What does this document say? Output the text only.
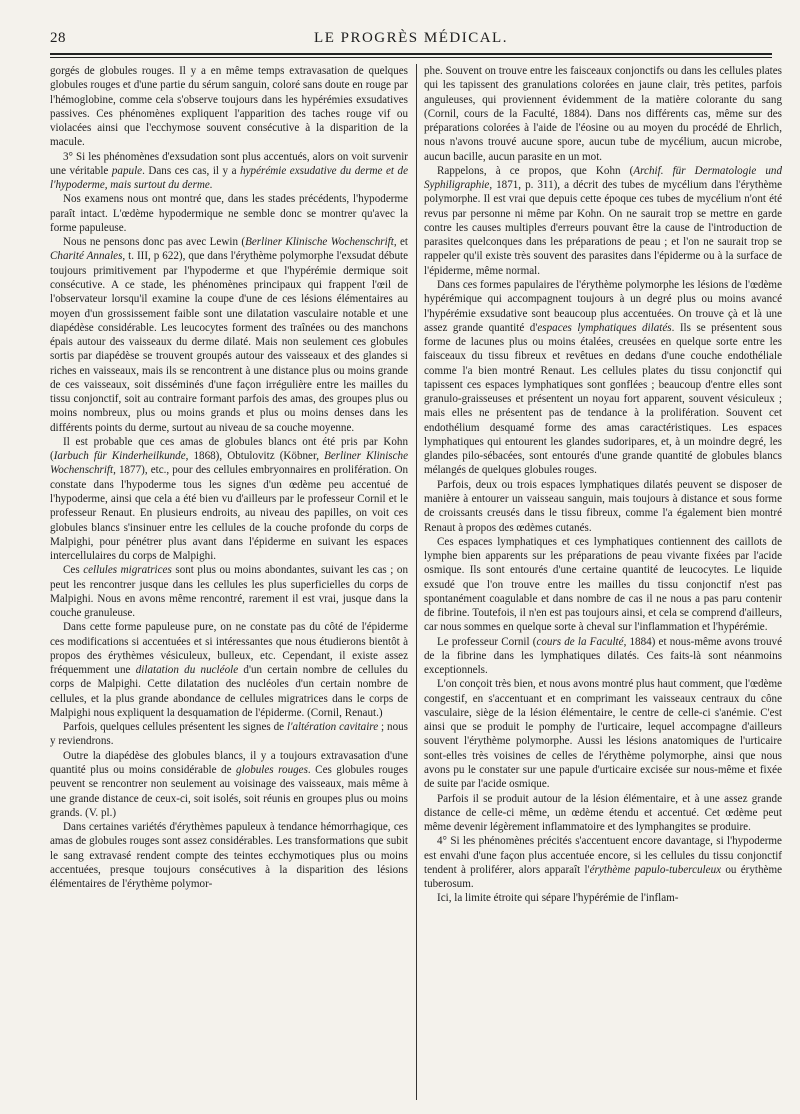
28	LE PROGRÈS MÉDICAL.

gorgés de globules rouges. Il y a en même temps extravasation de quelques globules rouges et d'une partie du sérum sanguin, coloré sans doute en rouge par l'hémoglobine, comme cela s'observe toujours dans les hypérémies exsudatives passives. Ces phénomènes expliquent l'apparition des taches rouge vif ou violacées ainsi que l'ecchymose souvent consécutive à la disparition de la macule.

3° Si les phénomènes d'exsudation sont plus accentués, alors on voit survenir une véritable papule. Dans ces cas, il y a hypérémie exsudative du derme et de l'hypoderme, mais surtout du derme.

Nos examens nous ont montré que, dans les stades précédents, l'hypoderme paraît intact. L'œdème hypodermique ne semble donc se montrer qu'avec la forme papuleuse.

Nous ne pensons donc pas avec Lewin (Berliner Klinische Wochenschrift, et Charité Annales, t. III, p 622), que dans l'érythème polymorphe l'exsudat débute toujours primitivement par l'hypoderme et que l'hypérémie dermique soit consécutive. A ce stade, les phénomènes principaux qui frappent l'œil de l'observateur lorsqu'il examine la coupe d'une de ces lésions élémentaires au moyen d'un grossissement faible sont une dilatation vasculaire notable et une diapédèse considérable. Les leucocytes forment des traînées ou des manchons épais autour des vaisseaux du derme dilaté. Mais non seulement ces globules sortis par diapédèse se trouvent groupés autour des vaisseaux et des glandes si riches en vaisseaux, mais ils se rencontrent à une distance plus ou moins grande de ces vaisseaux, soit disséminés d'une façon irrégulière entre les mailles du tissu conjonctif, soit au contraire formant parfois des amas, des groupes plus ou moins nombreux, plus ou moins grands et plus ou moins denses dans les différents points du derme, surtout au niveau de sa couche moyenne.

Il est probable que ces amas de globules blancs ont été pris par Kohn (Iarbuch für Kinderheilkunde, 1868), Obtulovitz (Köbner, Berliner Klinische Wochenschrift, 1877), etc., pour des cellules embryonnaires en prolifération. On constate dans l'hypoderme tous les signes d'un œdème peu accentué de l'hypoderme, ainsi que cela a été bien vu d'ailleurs par le professeur Cornil et le professeur Renaut. En plusieurs endroits, au niveau des papilles, on voit ces globules blancs s'insinuer entre les cellules de la couche profonde du corps de Malpighi, pour pénétrer plus avant dans l'épiderme en suivant les espaces intercellulaires du corps de Malpighi.

Ces cellules migratrices sont plus ou moins abondantes, suivant les cas ; on peut les rencontrer jusque dans les cellules les plus superficielles du corps de Malpighi. Nous en avons même rencontré, rarement il est vrai, jusque dans la couche granuleuse.

Dans cette forme papuleuse pure, on ne constate pas du côté de l'épiderme ces modifications si accentuées et si intéressantes que nous étudierons bientôt à propos des érythèmes vésiculeux, bulleux, etc. Cependant, il existe assez fréquemment une dilatation du nucléole d'un certain nombre de cellules du corps de Malpighi. Cette dilatation des nucléoles d'un certain nombre de cellules, et la plus grande abondance de cellules migratrices dans le corps de Malpighi nous expliquent la desquamation de l'épiderme. (Cornil, Renaut.)

Parfois, quelques cellules présentent les signes de l'altération cavitaire ; nous y reviendrons.

Outre la diapédèse des globules blancs, il y a toujours extravasation d'une quantité plus ou moins considérable de globules rouges. Ces globules rouges peuvent se rencontrer non seulement au voisinage des vaisseaux, mais même à une grande distance de ceux-ci, soit isolés, soit réunis en groupes plus ou moins grands. (V. pl.)

Dans certaines variétés d'érythèmes papuleux à tendance hémorrhagique, ces amas de globules rouges sont assez considérables. Les transformations que subit le sang extravasé rendent compte des teintes ecchymotiques plus ou moins accentuées, presque toujours consécutives à la disparition des lésions élémentaires de l'érythème polymor-

phe. Souvent on trouve entre les faisceaux conjonctifs ou dans les cellules plates qui les tapissent des granulations colorées en jaune clair, très petites, parfois anguleuses, qui proviennent évidemment de la matière colorante du sang (Cornil, cours de la Faculté, 1884). Dans nos différents cas, même sur des préparations colorées à l'aide de l'éosine ou au moyen du procédé de Ehrlich, nous n'avons trouvé aucune spore, aucun tube de mycélium, aucun microbe, aucun bacille, aucun parasite en un mot.

Rappelons, à ce propos, que Kohn (Archif. für Dermatologie und Syphiligraphie, 1871, p. 311), a décrit des tubes de mycélium dans l'érythème polymorphe. Il est vrai que depuis cette époque ces tubes de mycélium n'ont été revus par personne ni même par Kohn. On ne saurait trop se mettre en garde contre les causes multiples d'erreurs pouvant être la cause de l'introduction de parasites quelconques dans les préparations de peau ; et l'on ne saurait trop se rappeler qu'il existe très souvent des parasites dans l'épiderme ou à la surface de l'épiderme, même normal.

Dans ces formes papulaires de l'érythème polymorphe les lésions de l'œdème hypérémique qui accompagnent toujours à un degré plus ou moins avancé l'hypérémie exsudative sont beaucoup plus accentuées. On trouve çà et là une assez grande quantité d'espaces lymphatiques dilatés. Ils se présentent sous forme de lacunes plus ou moins étalées, creusées en quelque sorte entre les faisceaux du tissu fibreux et revêtues en dedans d'une couche endothéliale comme l'a bien montré Renaut. Les cellules plates du tissu conjonctif qui tapissent ces espaces lymphatiques sont gonflées ; beaucoup d'entre elles sont granulo-graisseuses et présentent un noyau fort apparent, souvent vésiculeux ; mais elles ne présentent pas de tendance à la prolifération. Souvent cet endothélium desquamé forme des amas caractéristiques. Les espaces lymphatiques qui entourent les glandes sudoripares, et, à un moindre degré, les glandes pilo-sébacées, sont entourés d'une grande quantité de globules blancs mélangés de quelques globules rouges.

Parfois, deux ou trois espaces lymphatiques dilatés peuvent se disposer de manière à entourer un vaisseau sanguin, mais toujours à distance et sous forme de croissants creusés dans le tissu fibreux, comme l'a également bien montré Renaut à propos des œdèmes cutanés.

Ces espaces lymphatiques et ces lymphatiques contiennent des caillots de lymphe bien apparents sur les préparations de peau vivante fixées par l'acide osmique. Ils sont entourés d'une certaine quantité de leucocytes. Le liquide exsudé que l'on trouve entre les mailles du tissu conjonctif n'est pas spontanément coagulable et dans nombre de cas il ne nous a pas paru contenir de fibrine. Toutefois, il n'en est pas toujours ainsi, et cela se comprend d'ailleurs, car nous sommes en quelque sorte à cheval sur l'inflammation et l'hypérémie.

Le professeur Cornil (cours de la Faculté, 1884) et nous-même avons trouvé de la fibrine dans les lymphatiques dilatés. Ces faits-là sont néanmoins exceptionnels.

L'on conçoit très bien, et nous avons montré plus haut comment, que l'œdème congestif, en s'accentuant et en comprimant les vaisseaux centraux du cône vasculaire, siège de la lésion élémentaire, le centre de celle-ci s'anémie. C'est ainsi que se produit le pomphy de l'urticaire, lequel accompagne d'ailleurs souvent l'érythème polymorphe. Aussi les lésions anatomiques de l'urticaire sont-elles très voisines de celles de l'érythème polymorphe, ainsi que nous avons pu le constater sur une papule d'urticaire excisée sur nous-même et fixée de suite par l'acide osmique.

Parfois il se produit autour de la lésion élémentaire, et à une assez grande distance de celle-ci même, un œdème étendu et accentué. Cet œdème peut même devenir légèrement inflammatoire et des lymphangites se produire.

4° Si les phénomènes précités s'accentuent encore davantage, si l'hypoderme est envahi d'une façon plus accentuée encore, si les cellules du tissu conjonctif tendent à proliférer, alors apparaît l'érythème papulo-tuberculeux ou érythème tuberosum.

Ici, la limite étroite qui sépare l'hypérémie de l'inflam-
